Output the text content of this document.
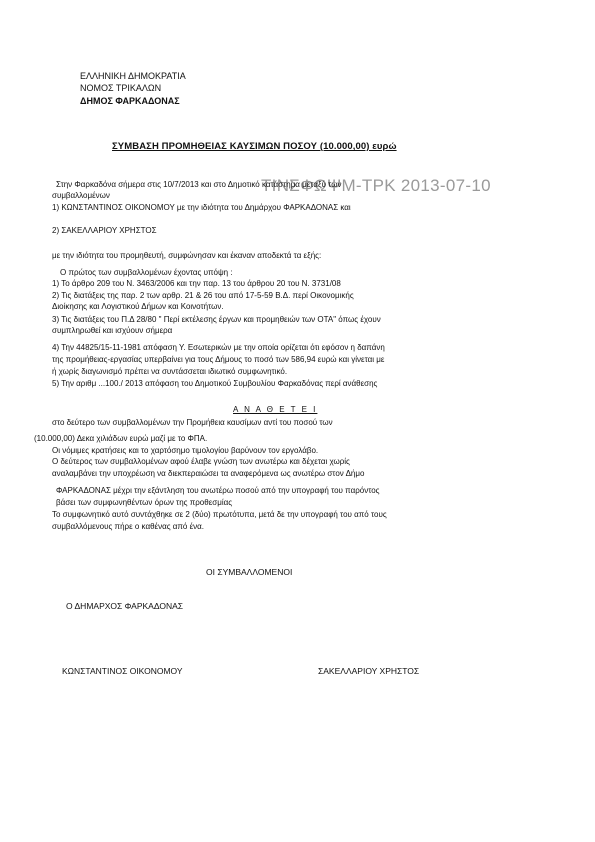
ΕΛΛΗΝΙΚΗ ΔΗΜΟΚΡΑΤΙΑ
ΝΟΜΟΣ ΤΡΙΚΑΛΩΝ
ΔΗΜΟΣ ΦΑΡΚΑΔΟΝΑΣ
ΣΥΜΒΑΣΗ ΠΡΟΜΗΘΕΙΑΣ ΚΑΥΣΙΜΩΝ ΠΟΣΟΥ (10.000,00) ευρώ
ΤΙΝΣΦΩΨΜ-ΤΡΚ 2013-07-10
Στην Φαρκαδόνα σήμερα στις 10/7/2013 και στο Δημοτικό κατάστημα μεταξύ των
συμβαλλομένων
1) ΚΩΝΣΤΑΝΤΙΝΟΣ ΟΙΚΟΝΟΜΟΥ με την ιδιότητα του Δημάρχου ΦΑΡΚΑΔΟΝΑΣ και
2) ΣΑΚΕΛΛΑΡΙΟΥ ΧΡΗΣΤΟΣ
με την ιδιότητα του προμηθευτή, συμφώνησαν και έκαναν αποδεκτά τα εξής:
Ο πρώτος των συμβαλλομένων έχοντας υπόψη :
1) Το άρθρο 209 του Ν. 3463/2006 και την παρ. 13 του άρθρου 20 του Ν. 3731/08
2) Τις διατάξεις της παρ. 2 των αρθρ. 21 & 26 του από 17-5-59 Β.Δ. περί Οικονομικής
Διοίκησης και Λογιστικού Δήμων και Κοινοτήτων.
3) Τις διατάξεις του Π.Δ 28/80 " Περί εκτέλεσης έργων και προμηθειών των ΟΤΑ" όπως έχουν
συμπληρωθεί και ισχύουν σήμερα
4) Την 44825/15-11-1981 απόφαση Υ. Εσωτερικών με την οποία ορίζεται ότι εφόσον η δαπάνη
της προμήθειας-εργασίας υπερβαίνει για τους Δήμους το ποσό των 586,94 ευρώ και γίνεται με
ή χωρίς διαγωνισμό πρέπει να συντάσσεται ιδιωτικό συμφωνητικό.
5) Την αριθμ ...100./ 2013 απόφαση του Δημοτικού Συμβουλίου Φαρκαδόνας περί ανάθεσης
Α Ν Α Θ Ε Τ Ε Ι
στο δεύτερο των συμβαλλομένων την Προμήθεια καυσίμων αντί του ποσού των
(10.000,00) Δεκα χιλιάδων ευρώ μαζί με το ΦΠΑ.
Οι νόμιμες κρατήσεις και το χαρτόσημο τιμολογίου βαρύνουν τον εργολάβο.
Ο δεύτερος των συμβαλλομένων αφού έλαβε γνώση των ανωτέρω και δέχεται χωρίς
αναλαμβάνει την υποχρέωση να διεκπεραιώσει τα αναφερόμενα ως ανωτέρω στον Δήμο
ΦΑΡΚΑΔΟΝΑΣ μέχρι την εξάντληση του ανωτέρω ποσού από την υπογραφή του παρόντος
βάσει των συμφωνηθέντων όρων της προθεσμίας
Το συμφωνητικό αυτό συντάχθηκε σε 2 (δύο) πρωτότυπα, μετά δε την υπογραφή του από τους
συμβαλλόμενους πήρε ο καθένας από ένα.
ΟΙ ΣΥΜΒΑΛΛΟΜΕΝΟΙ
Ο ΔΗΜΑΡΧΟΣ ΦΑΡΚΑΔΟΝΑΣ
ΚΩΝΣΤΑΝΤΙΝΟΣ ΟΙΚΟΝΟΜΟΥ	ΣΑΚΕΛΛΑΡΙΟΥ ΧΡΗΣΤΟΣ
